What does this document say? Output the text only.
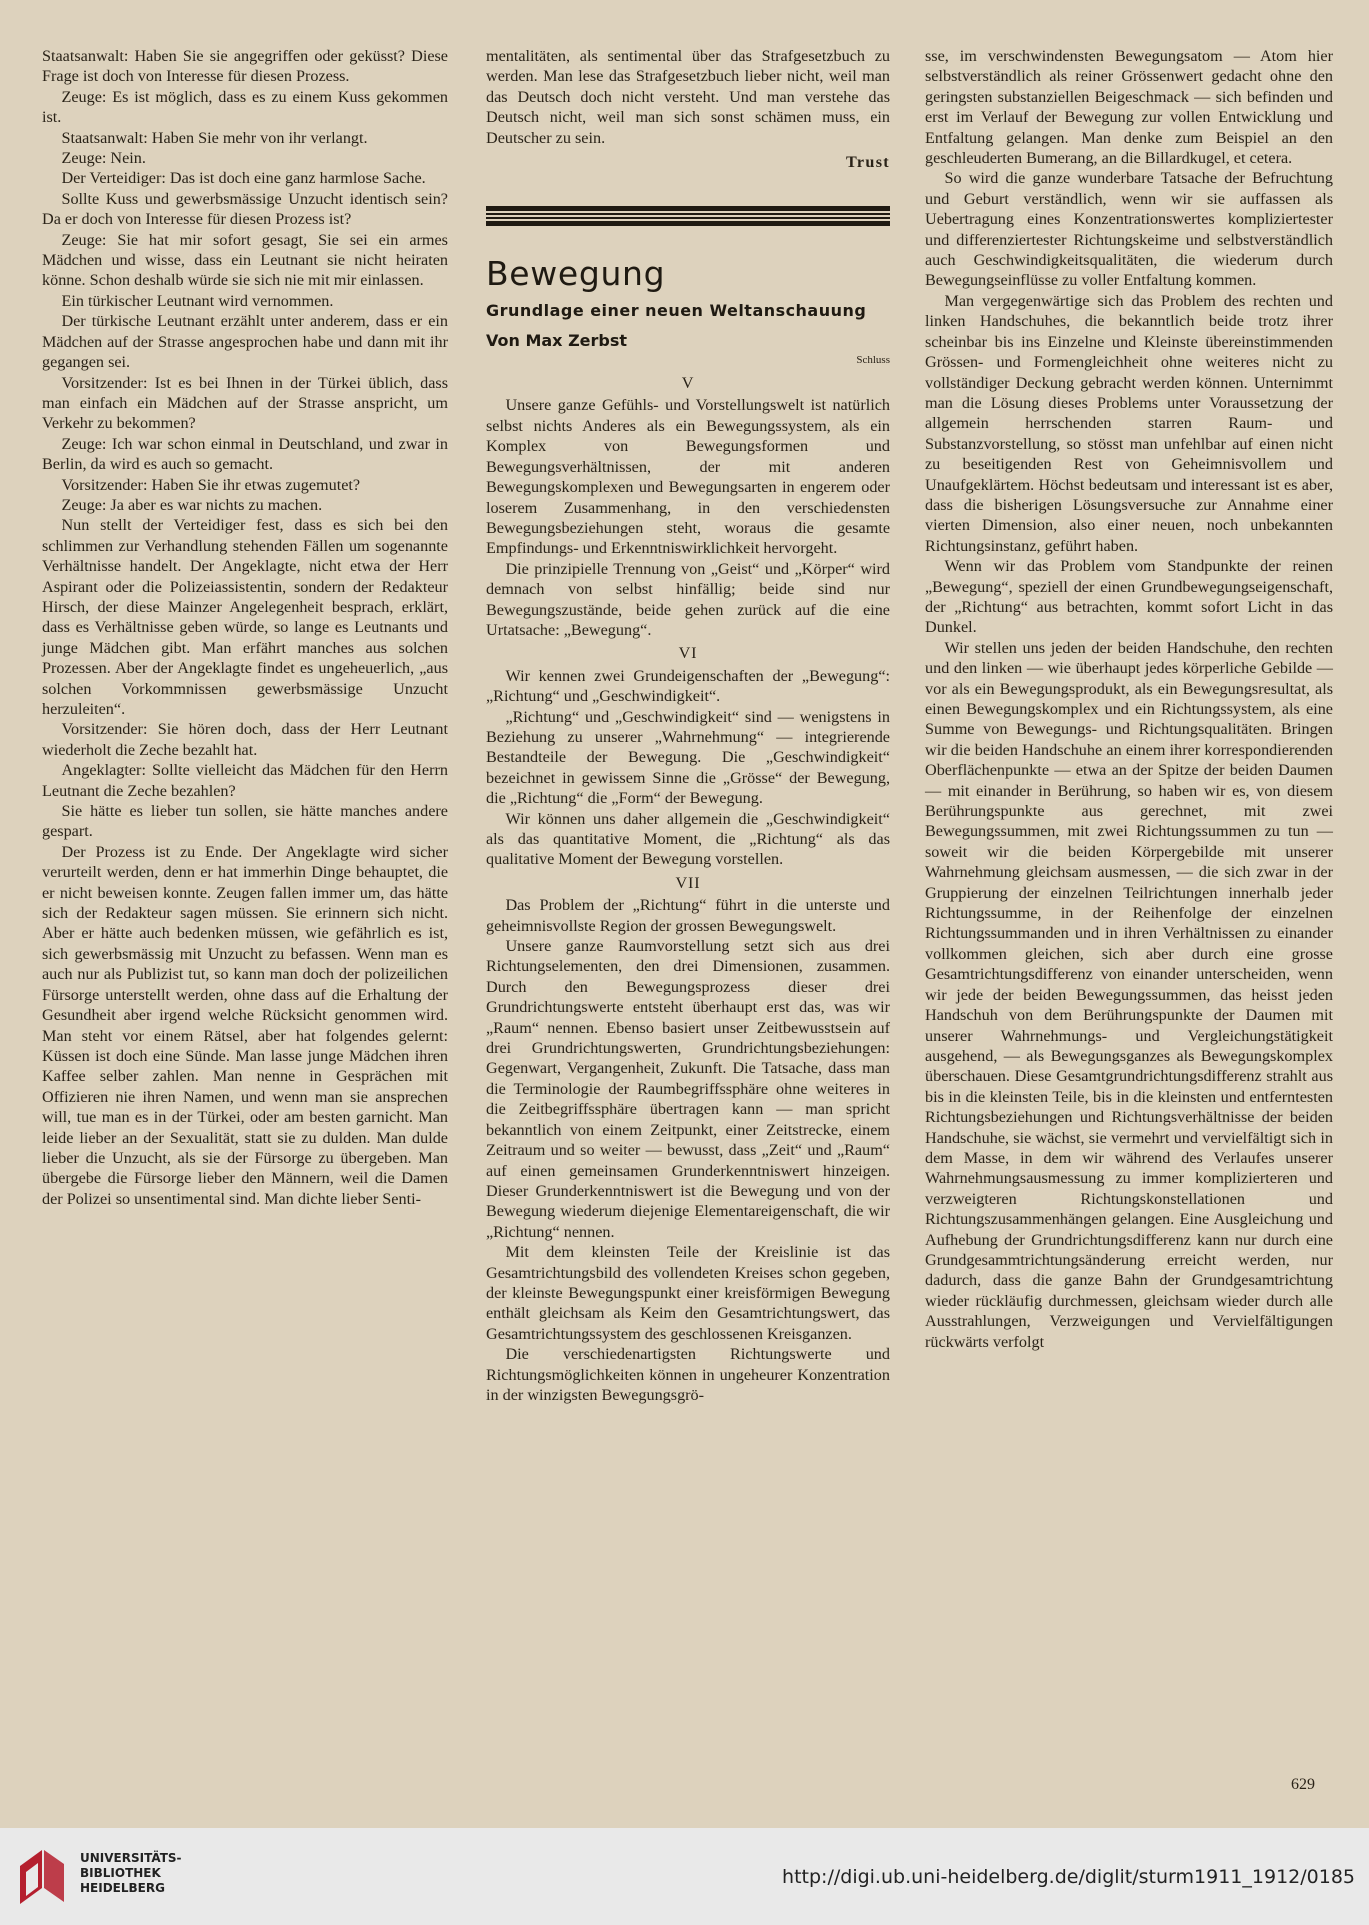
Staatsanwalt: Haben Sie sie angegriffen oder geküsst? Diese Frage ist doch von Interesse für diesen Prozess.

Zeuge: Es ist möglich, dass es zu einem Kuss gekommen ist.

Staatsanwalt: Haben Sie mehr von ihr verlangt.

Zeuge: Nein.

Der Verteidiger: Das ist doch eine ganz harmlose Sache.

Sollte Kuss und gewerbsmässige Unzucht identisch sein? Da er doch von Interesse für diesen Prozess ist?

Zeuge: Sie hat mir sofort gesagt, Sie sei ein armes Mädchen und wisse, dass ein Leutnant sie nicht heiraten könne. Schon deshalb würde sie sich nie mit mir einlassen.

Ein türkischer Leutnant wird vernommen.

Der türkische Leutnant erzählt unter anderem, dass er ein Mädchen auf der Strasse angesprochen habe und dann mit ihr gegangen sei.

Vorsitzender: Ist es bei Ihnen in der Türkei üblich, dass man einfach ein Mädchen auf der Strasse anspricht, um Verkehr zu bekommen?

Zeuge: Ich war schon einmal in Deutschland, und zwar in Berlin, da wird es auch so gemacht.

Vorsitzender: Haben Sie ihr etwas zugemutet?

Zeuge: Ja aber es war nichts zu machen.

Nun stellt der Verteidiger fest, dass es sich bei den schlimmen zur Verhandlung stehenden Fällen um sogenannte Verhältnisse handelt. Der Angeklagte, nicht etwa der Herr Aspirant oder die Polizeiassistentin, sondern der Redakteur Hirsch, der diese Mainzer Angelegenheit besprach, erklärt, dass es Verhältnisse geben würde, so lange es Leutnants und junge Mädchen gibt. Man erfährt manches aus solchen Prozessen. Aber der Angeklagte findet es ungeheuerlich, „aus solchen Vorkommnissen gewerbsmässige Unzucht herzuleiten“.

Vorsitzender: Sie hören doch, dass der Herr Leutnant wiederholt die Zeche bezahlt hat.

Angeklagter: Sollte vielleicht das Mädchen für den Herrn Leutnant die Zeche bezahlen?

Sie hätte es lieber tun sollen, sie hätte manches andere gespart.

Der Prozess ist zu Ende. Der Angeklagte wird sicher verurteilt werden, denn er hat immerhin Dinge behauptet, die er nicht beweisen konnte. Zeugen fallen immer um, das hätte sich der Redakteur sagen müssen. Sie erinnern sich nicht. Aber er hätte auch bedenken müssen, wie gefährlich es ist, sich gewerbsmässig mit Unzucht zu befassen. Wenn man es auch nur als Publizist tut, so kann man doch der polizeilichen Fürsorge unterstellt werden, ohne dass auf die Erhaltung der Gesundheit aber irgend welche Rücksicht genommen wird. Man steht vor einem Rätsel, aber hat folgendes gelernt: Küssen ist doch eine Sünde. Man lasse junge Mädchen ihren Kaffee selber zahlen. Man nenne in Gesprächen mit Offizieren nie ihren Namen, und wenn man sie ansprechen will, tue man es in der Türkei, oder am besten garnicht. Man leide lieber an der Sexualität, statt sie zu dulden. Man dulde lieber die Unzucht, als sie der Fürsorge zu übergeben. Man übergebe die Fürsorge lieber den Männern, weil die Damen der Polizei so unsentimental sind. Man dichte lieber Senti-

mentalitäten, als sentimental über das Strafgesetzbuch zu werden. Man lese das Strafgesetzbuch lieber nicht, weil man das Deutsch doch nicht versteht. Und man verstehe das Deutsch nicht, weil man sich sonst schämen muss, ein Deutscher zu sein.

Trust
Bewegung
Grundlage einer neuen Weltanschauung
Von Max Zerbst
Schluss
V

Unsere ganze Gefühls- und Vorstellungswelt ist natürlich selbst nichts Anderes als ein Bewegungssystem, als ein Komplex von Bewegungsformen und Bewegungsverhältnissen, der mit anderen Bewegungskomplexen und Bewegungsarten in engerem oder loserem Zusammenhang, in den verschiedensten Bewegungsbeziehungen steht, woraus die gesamte Empfindungs- und Erkenntniswirklichkeit hervorgeht.

Die prinzipielle Trennung von „Geist“ und „Körper“ wird demnach von selbst hinfällig; beide sind nur Bewegungszustände, beide gehen zurück auf die eine Urtatsache: „Bewegung“.

VI

Wir kennen zwei Grundeigenschaften der „Bewegung“: „Richtung“ und „Geschwindigkeit“.

„Richtung“ und „Geschwindigkeit“ sind — wenigstens in Beziehung zu unserer „Wahrnehmung“ — integrierende Bestandteile der Bewegung. Die „Geschwindigkeit“ bezeichnet in gewissem Sinne die „Grösse“ der Bewegung, die „Richtung“ die „Form“ der Bewegung.

Wir können uns daher allgemein die „Geschwindigkeit“ als das quantitative Moment, die „Richtung“ als das qualitative Moment der Bewegung vorstellen.

VII

Das Problem der „Richtung“ führt in die unterste und geheimnisvollste Region der grossen Bewegungswelt.

Unsere ganze Raumvorstellung setzt sich aus drei Richtungselementen, den drei Dimensionen, zusammen. Durch den Bewegungsprozess dieser drei Grundrichtungswerte entsteht überhaupt erst das, was wir „Raum“ nennen. Ebenso basiert unser Zeitbewusstsein auf drei Grundrichtungswerten, Grundrichtungsbeziehungen: Gegenwart, Vergangenheit, Zukunft. Die Tatsache, dass man die Terminologie der Raumbegriffssphäre ohne weiteres in die Zeitbegriffssphäre übertragen kann — man spricht bekanntlich von einem Zeitpunkt, einer Zeitstrecke, einem Zeitraum und so weiter — bewusst, dass „Zeit“ und „Raum“ auf einen gemeinsamen Grunderkenntniswert hinzeigen. Dieser Grunderkenntniswert ist die Bewegung und von der Bewegung wiederum diejenige Elementareigenschaft, die wir „Richtung“ nennen.

Mit dem kleinsten Teile der Kreislinie ist das Gesamtrichtungsbild des vollendeten Kreises schon gegeben, der kleinste Bewegungspunkt einer kreisförmigen Bewegung enthält gleichsam als Keim den Gesamtrichtungswert, das Gesamtrichtungssystem des geschlossenen Kreisganzen.

Die verschiedenartigsten Richtungswerte und Richtungsmöglichkeiten können in ungeheurer Konzentration in der winzigsten Bewegungsgrö-

sse, im verschwindensten Bewegungsatom — Atom hier selbstverständlich als reiner Grössenwert gedacht ohne den geringsten substanziellen Beigeschmack — sich befinden und erst im Verlauf der Bewegung zur vollen Entwicklung und Entfaltung gelangen. Man denke zum Beispiel an den geschleuderten Bumerang, an die Billardkugel, et cetera.

So wird die ganze wunderbare Tatsache der Befruchtung und Geburt verständlich, wenn wir sie auffassen als Uebertragung eines Konzentrationswertes kompliziertester und differenziertester Richtungskeime und selbstverständlich auch Geschwindigkeitsqualitäten, die wiederum durch Bewegungseinflüsse zu voller Entfaltung kommen.

Man vergegenwärtige sich das Problem des rechten und linken Handschuhes, die bekanntlich beide trotz ihrer scheinbar bis ins Einzelne und Kleinste übereinstimmenden Grössen- und Formengleichheit ohne weiteres nicht zu vollständiger Deckung gebracht werden können. Unternimmt man die Lösung dieses Problems unter Voraussetzung der allgemein herrschenden starren Raum- und Substanzvorstellung, so stösst man unfehlbar auf einen nicht zu beseitigenden Rest von Geheimnisvollem und Unaufgeklärtem. Höchst bedeutsam und interessant ist es aber, dass die bisherigen Lösungsversuche zur Annahme einer vierten Dimension, also einer neuen, noch unbekannten Richtungsinstanz, geführt haben.

Wenn wir das Problem vom Standpunkte der reinen „Bewegung“, speziell der einen Grundbewegungseigenschaft, der „Richtung“ aus betrachten, kommt sofort Licht in das Dunkel.

Wir stellen uns jeden der beiden Handschuhe, den rechten und den linken — wie überhaupt jedes körperliche Gebilde — vor als ein Bewegungsprodukt, als ein Bewegungsresultat, als einen Bewegungskomplex und ein Richtungssystem, als eine Summe von Bewegungs- und Richtungsqualitäten. Bringen wir die beiden Handschuhe an einem ihrer korrespondierenden Oberflächenpunkte — etwa an der Spitze der beiden Daumen — mit einander in Berührung, so haben wir es, von diesem Berührungspunkte aus gerechnet, mit zwei Bewegungssummen, mit zwei Richtungssummen zu tun — soweit wir die beiden Körpergebilde mit unserer Wahrnehmung gleichsam ausmessen, — die sich zwar in der Gruppierung der einzelnen Teilrichtungen innerhalb jeder Richtungssumme, in der Reihenfolge der einzelnen Richtungssummanden und in ihren Verhältnissen zu einander vollkommen gleichen, sich aber durch eine grosse Gesamtrichtungsdifferenz von einander unterscheiden, wenn wir jede der beiden Bewegungssummen, das heisst jeden Handschuh von dem Berührungspunkte der Daumen mit unserer Wahrnehmungs- und Vergleichungstätigkeit ausgehend, — als Bewegungsganzes als Bewegungskomplex überschauen. Diese Gesamtgrundrichtungsdifferenz strahlt aus bis in die kleinsten Teile, bis in die kleinsten und entferntesten Richtungsbeziehungen und Richtungsverhältnisse der beiden Handschuhe, sie wächst, sie vermehrt und vervielfältigt sich in dem Masse, in dem wir während des Verlaufes unserer Wahrnehmungsausmessung zu immer komplizierteren und verzweigteren Richtungskonstellationen und Richtungszusammenhängen gelangen. Eine Ausgleichung und Aufhebung der Grundrichtungsdifferenz kann nur durch eine Grundgesammtrichtungsänderung erreicht werden, nur dadurch, dass die ganze Bahn der Grundgesamtrichtung wieder rückläufig durchmessen, gleichsam wieder durch alle Ausstrahlungen, Verzweigungen und Vervielfältigungen rückwärts verfolgt

629
UNIVERSITÄTS-
BIBLIOTHEK
HEIDELBERG	http://digi.ub.uni-heidelberg.de/diglit/sturm1911_1912/0185
